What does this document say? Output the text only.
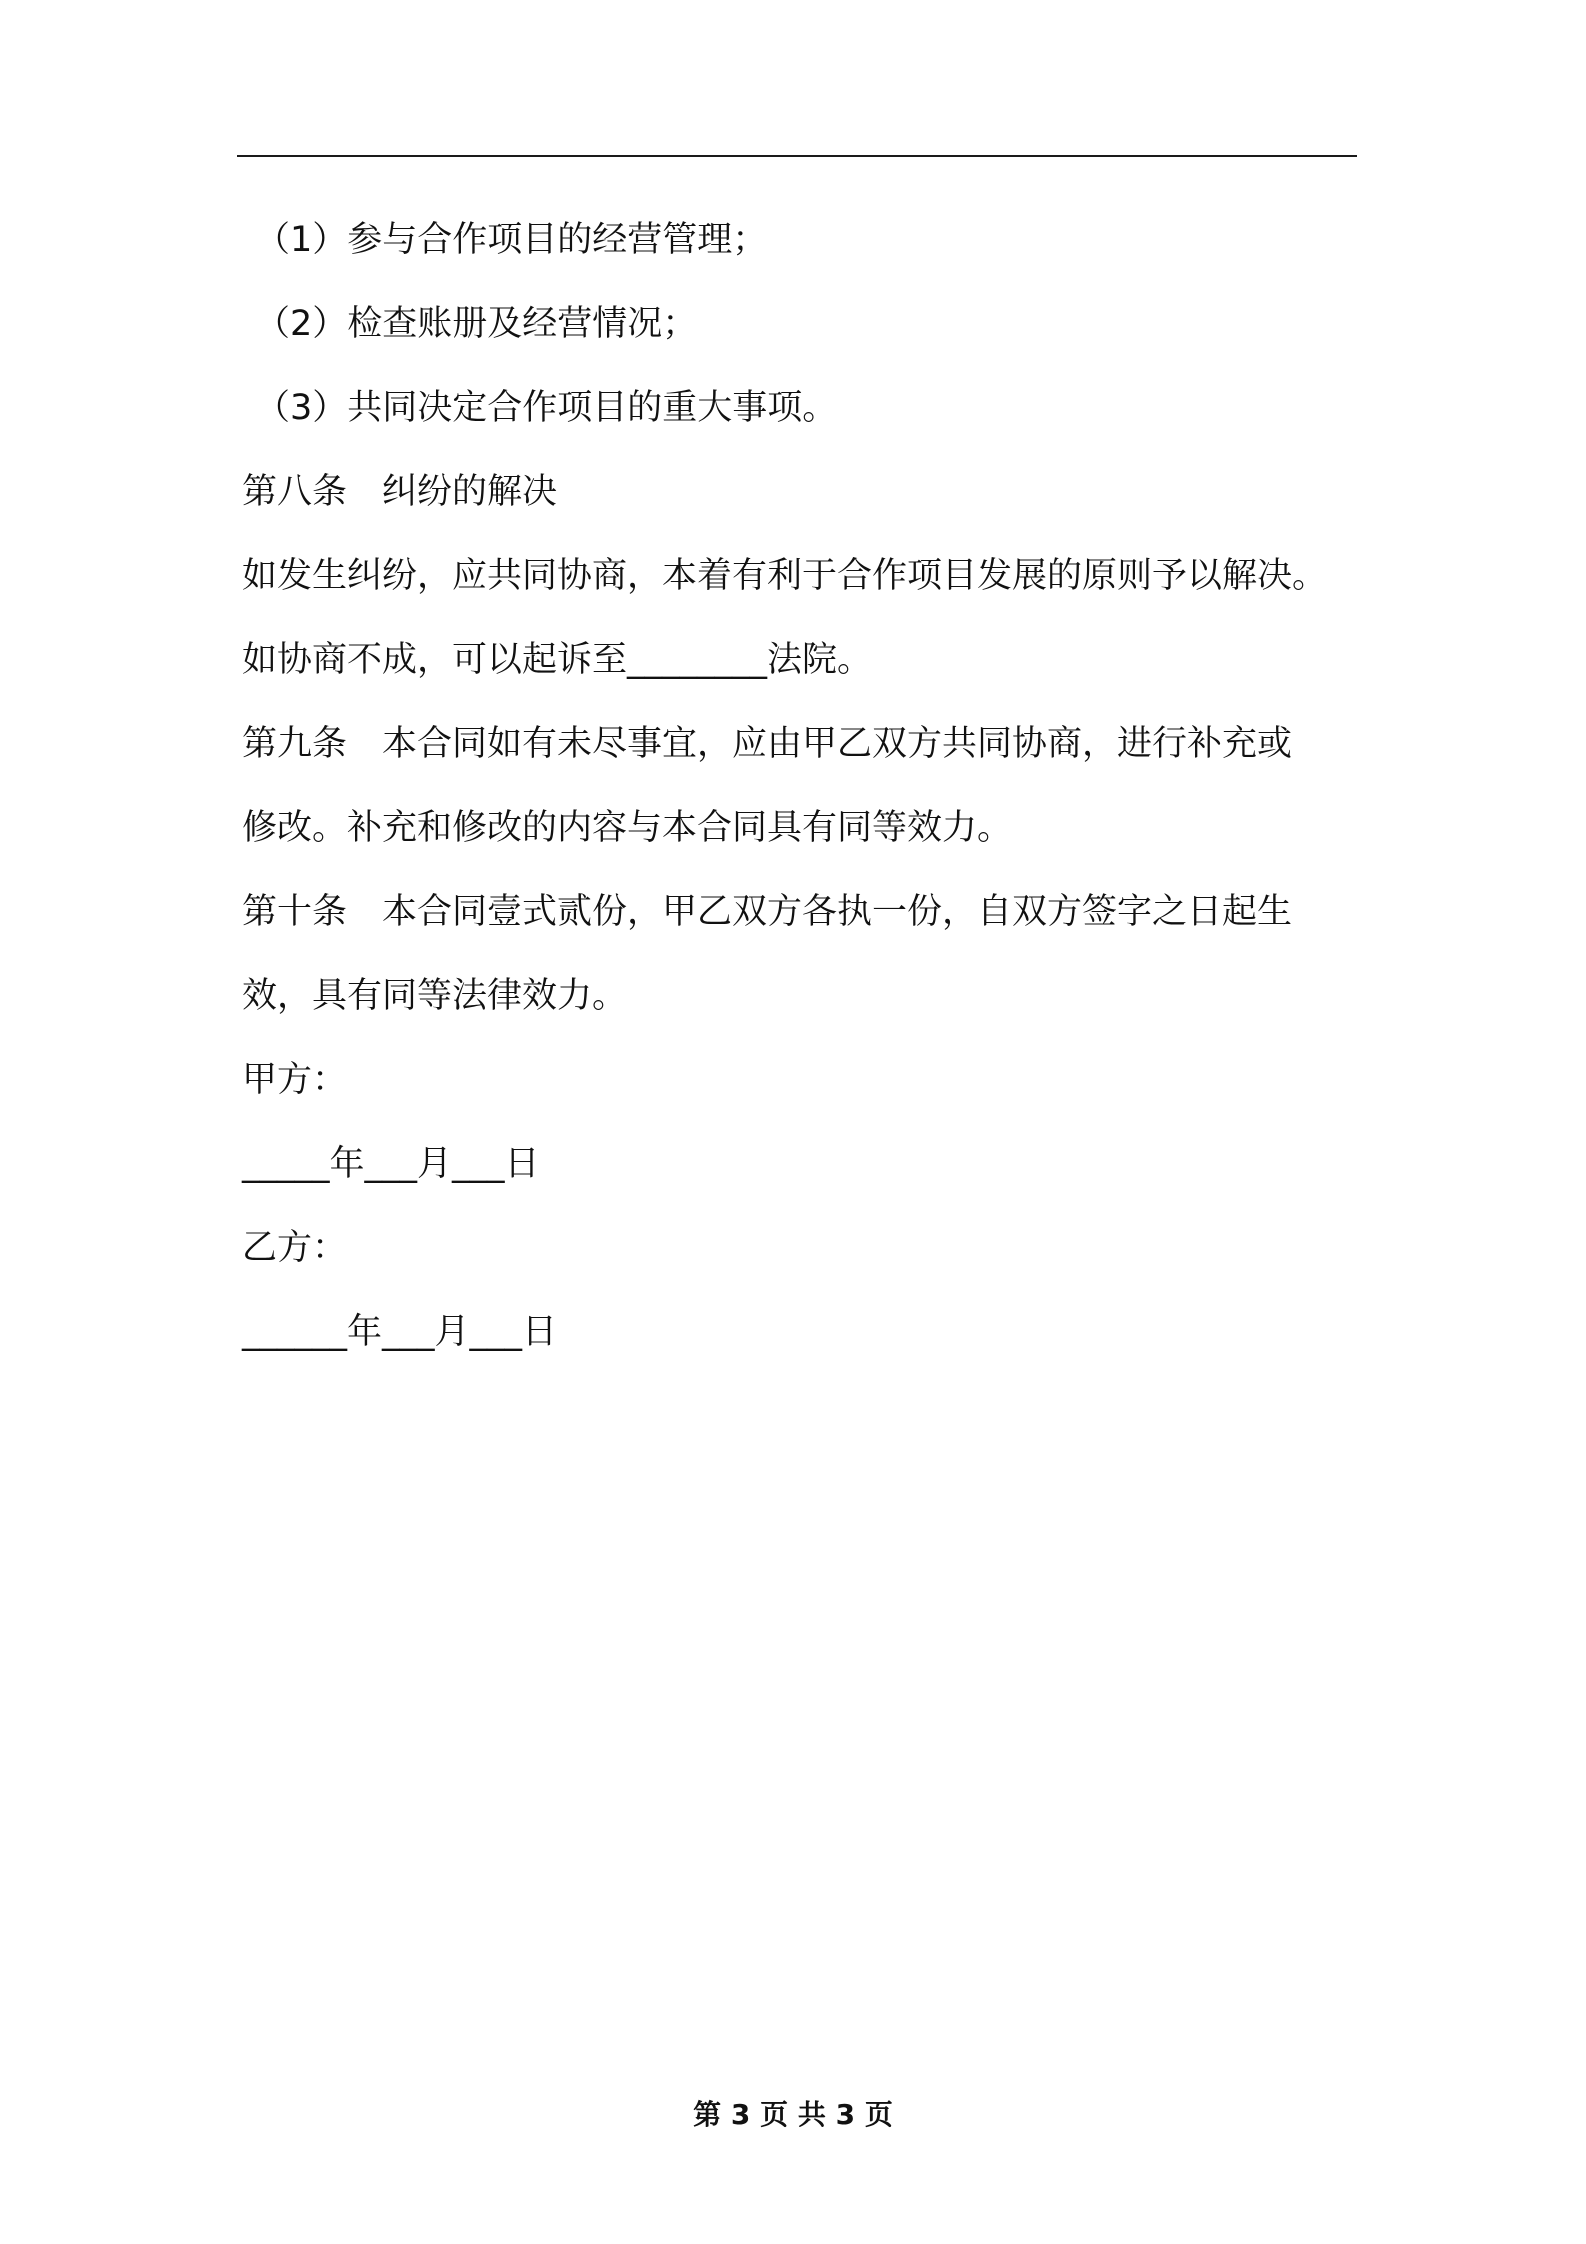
（1）参与合作项目的经营管理；
（2）检查账册及经营情况；
（3）共同决定合作项目的重大事项。
第八条　纠纷的解决
如发生纠纷，应共同协商，本着有利于合作项目发展的原则予以解决。
如协商不成，可以起诉至________法院。
第九条　本合同如有未尽事宜，应由甲乙双方共同协商，进行补充或
修改。补充和修改的内容与本合同具有同等效力。
第十条　本合同壹式贰份，甲乙双方各执一份，自双方签字之日起生
效，具有同等法律效力。
甲方：
_____年___月___日
乙方：
______年___月___日
第 3 页 共 3 页
